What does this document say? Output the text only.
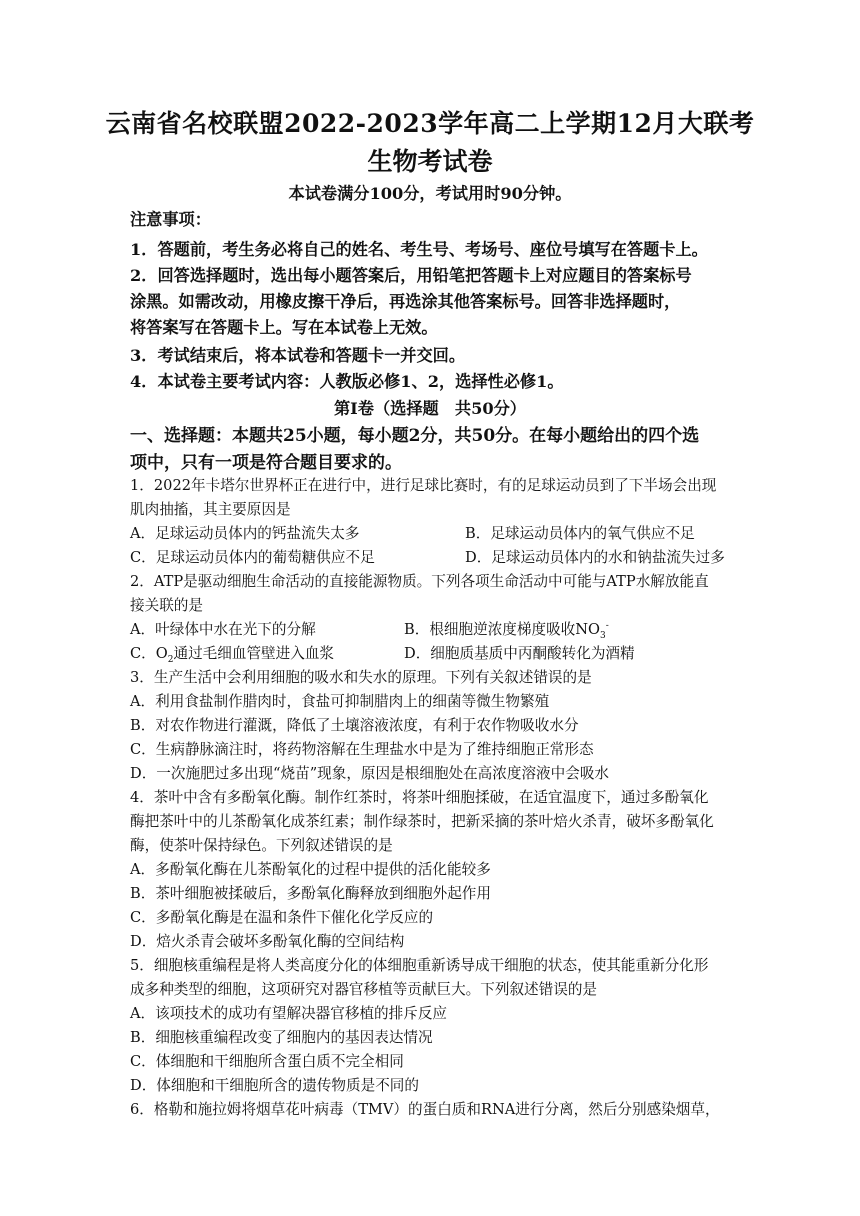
云南省名校联盟2022-2023学年高二上学期12月大联考
生物考试卷
本试卷满分100分，考试用时90分钟。
注意事项：
1．答题前，考生务必将自己的姓名、考生号、考场号、座位号填写在答题卡上。
2．回答选择题时，选出每小题答案后，用铅笔把答题卡上对应题目的答案标号
涂黑。如需改动，用橡皮擦干净后，再选涂其他答案标号。回答非选择题时，
将答案写在答题卡上。写在本试卷上无效。
3．考试结束后，将本试卷和答题卡一并交回。
4．本试卷主要考试内容：人教版必修1、2，选择性必修1。
第Ⅰ卷（选择题　共50分）
一、选择题：本题共25小题，每小题2分，共50分。在每小题给出的四个选
项中，只有一项是符合题目要求的。
1．2022年卡塔尔世界杯正在进行中，进行足球比赛时，有的足球运动员到了下半场会出现
肌肉抽搐，其主要原因是
A．足球运动员体内的钙盐流失太多	B．足球运动员体内的氧气供应不足
C．足球运动员体内的葡萄糖供应不足	D．足球运动员体内的水和钠盐流失过多
2．ATP是驱动细胞生命活动的直接能源物质。下列各项生命活动中可能与ATP水解放能直
接关联的是
A．叶绿体中水在光下的分解	B．根细胞逆浓度梯度吸收$NO_3^-$
C．$O_2$通过毛细血管壁进入血浆	D．细胞质基质中丙酮酸转化为酒精
3．生产生活中会利用细胞的吸水和失水的原理。下列有关叙述错误的是
A．利用食盐制作腊肉时，食盐可抑制腊肉上的细菌等微生物繁殖
B．对农作物进行灌溉，降低了土壤溶液浓度，有利于农作物吸收水分
C．生病静脉滴注时，将药物溶解在生理盐水中是为了维持细胞正常形态
D．一次施肥过多出现“烧苗”现象，原因是根细胞处在高浓度溶液中会吸水
4．茶叶中含有多酚氧化酶。制作红茶时，将茶叶细胞揉破，在适宜温度下，通过多酚氧化
酶把茶叶中的儿茶酚氧化成茶红素；制作绿茶时，把新采摘的茶叶焙火杀青，破坏多酚氧化
酶，使茶叶保持绿色。下列叙述错误的是
A．多酚氧化酶在儿茶酚氧化的过程中提供的活化能较多
B．茶叶细胞被揉破后，多酚氧化酶释放到细胞外起作用
C．多酚氧化酶是在温和条件下催化化学反应的
D．焙火杀青会破坏多酚氧化酶的空间结构
5．细胞核重编程是将人类高度分化的体细胞重新诱导成干细胞的状态，使其能重新分化形
成多种类型的细胞，这项研究对器官移植等贡献巨大。下列叙述错误的是
A．该项技术的成功有望解决器官移植的排斥反应
B．细胞核重编程改变了细胞内的基因表达情况
C．体细胞和干细胞所含蛋白质不完全相同
D．体细胞和干细胞所含的遗传物质是不同的
6．格勒和施拉姆将烟草花叶病毒（TMV）的蛋白质和RNA进行分离，然后分别感染烟草，
